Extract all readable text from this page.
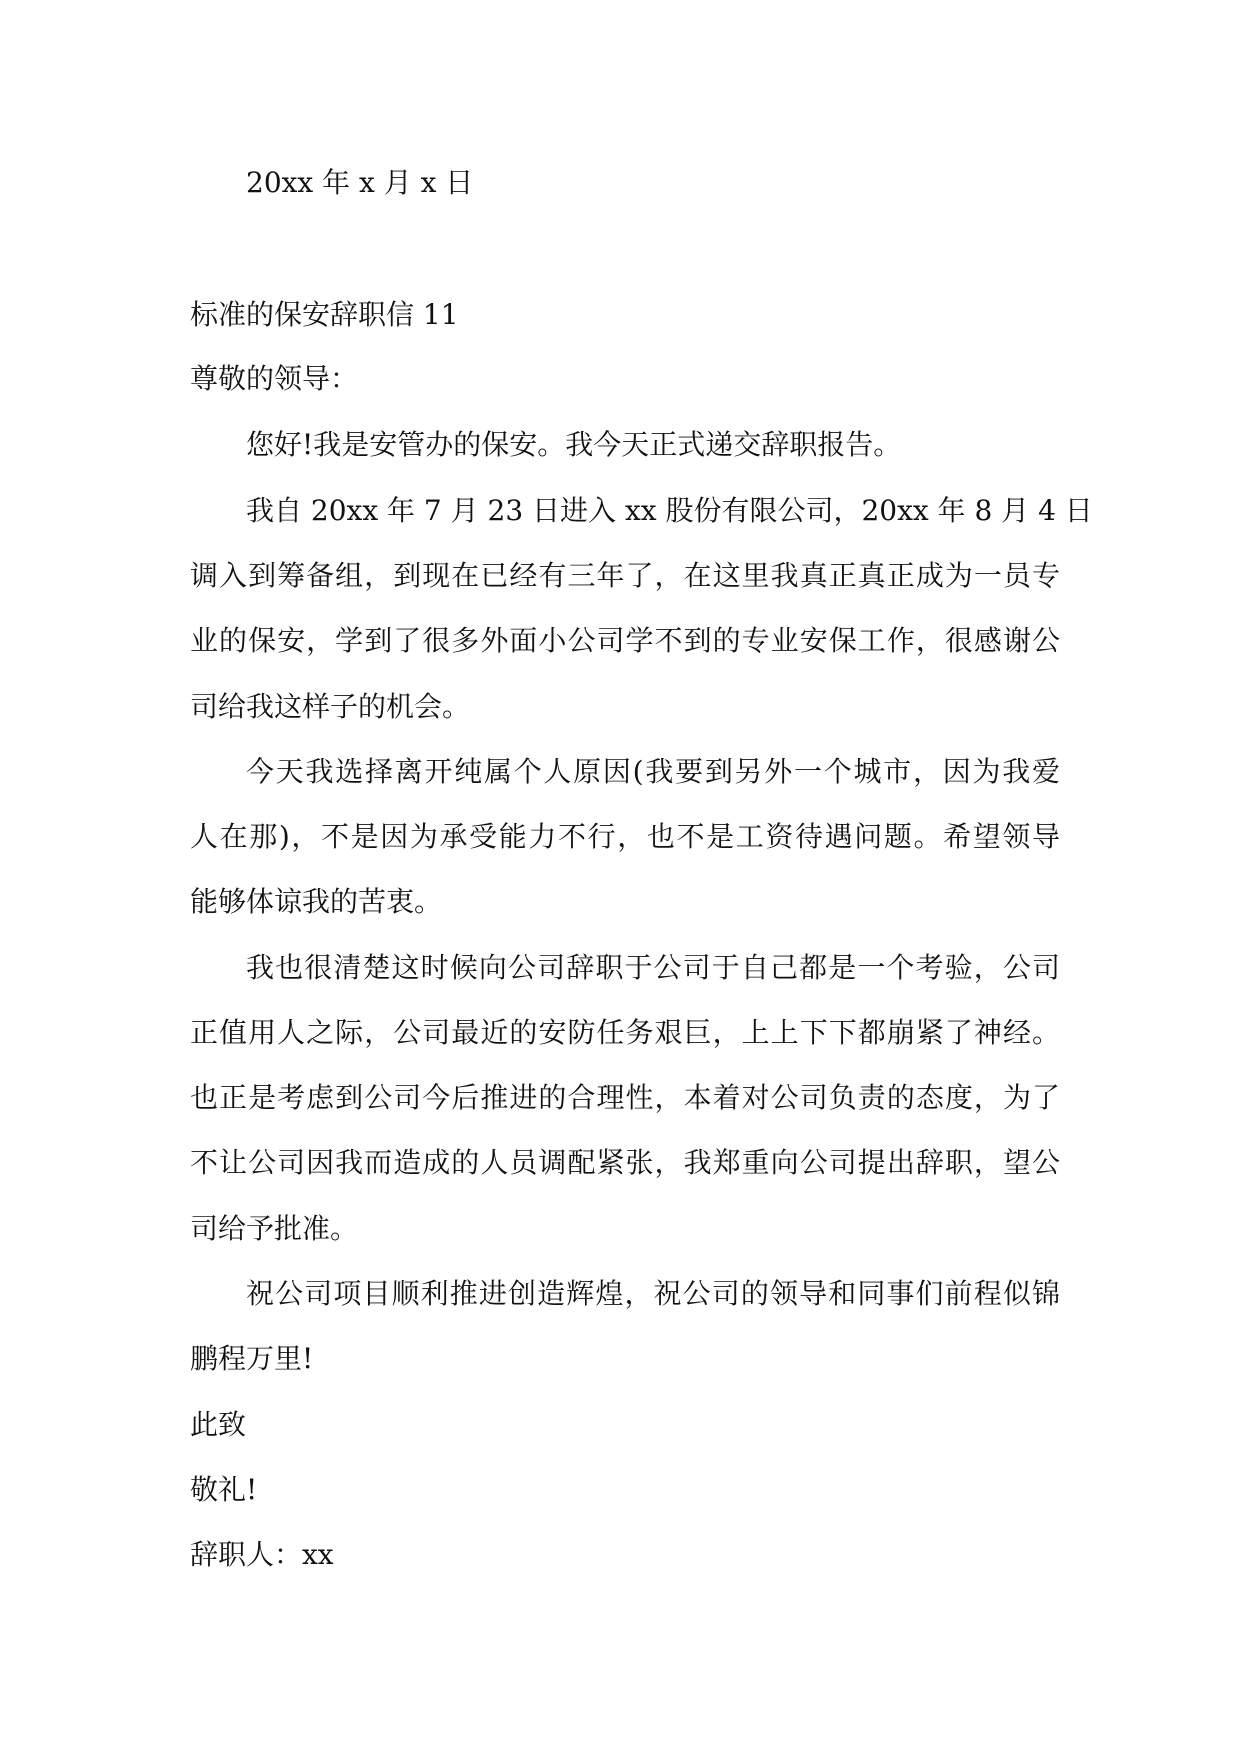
20xx 年 x 月 x 日
标准的保安辞职信 11
尊敬的领导：
您好!我是安管办的保安。我今天正式递交辞职报告。
我自 20xx 年 7 月 23 日进入 xx 股份有限公司，20xx 年 8 月 4 日
调入到筹备组，到现在已经有三年了，在这里我真正真正成为一员专
业的保安，学到了很多外面小公司学不到的专业安保工作，很感谢公
司给我这样子的机会。
今天我选择离开纯属个人原因(我要到另外一个城市，因为我爱
人在那)，不是因为承受能力不行，也不是工资待遇问题。希望领导
能够体谅我的苦衷。
我也很清楚这时候向公司辞职于公司于自己都是一个考验，公司
正值用人之际，公司最近的安防任务艰巨，上上下下都崩紧了神经。
也正是考虑到公司今后推进的合理性，本着对公司负责的态度，为了
不让公司因我而造成的人员调配紧张，我郑重向公司提出辞职，望公
司给予批准。
祝公司项目顺利推进创造辉煌，祝公司的领导和同事们前程似锦
鹏程万里!
此致
敬礼!
辞职人：xx
